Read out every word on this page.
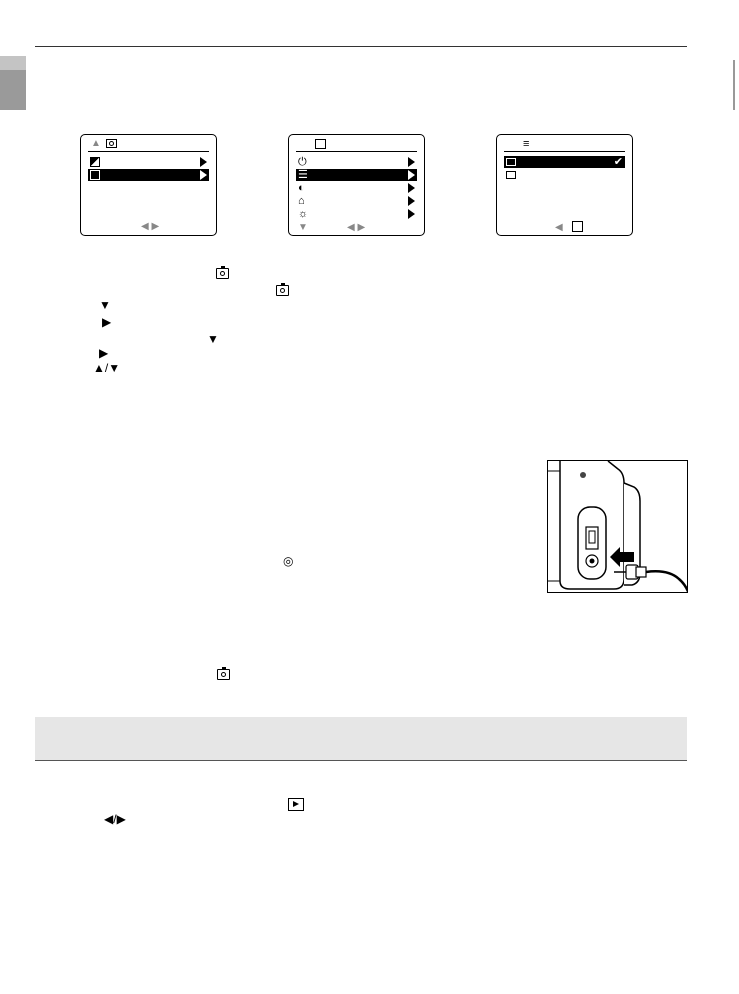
▲
◀ ▶
⏻
☰
◐
⌂
☼
▼	◀ ▶
≡
✔
◀
▼
▶
▼
▶
▲/▼
◎
◀/▶
